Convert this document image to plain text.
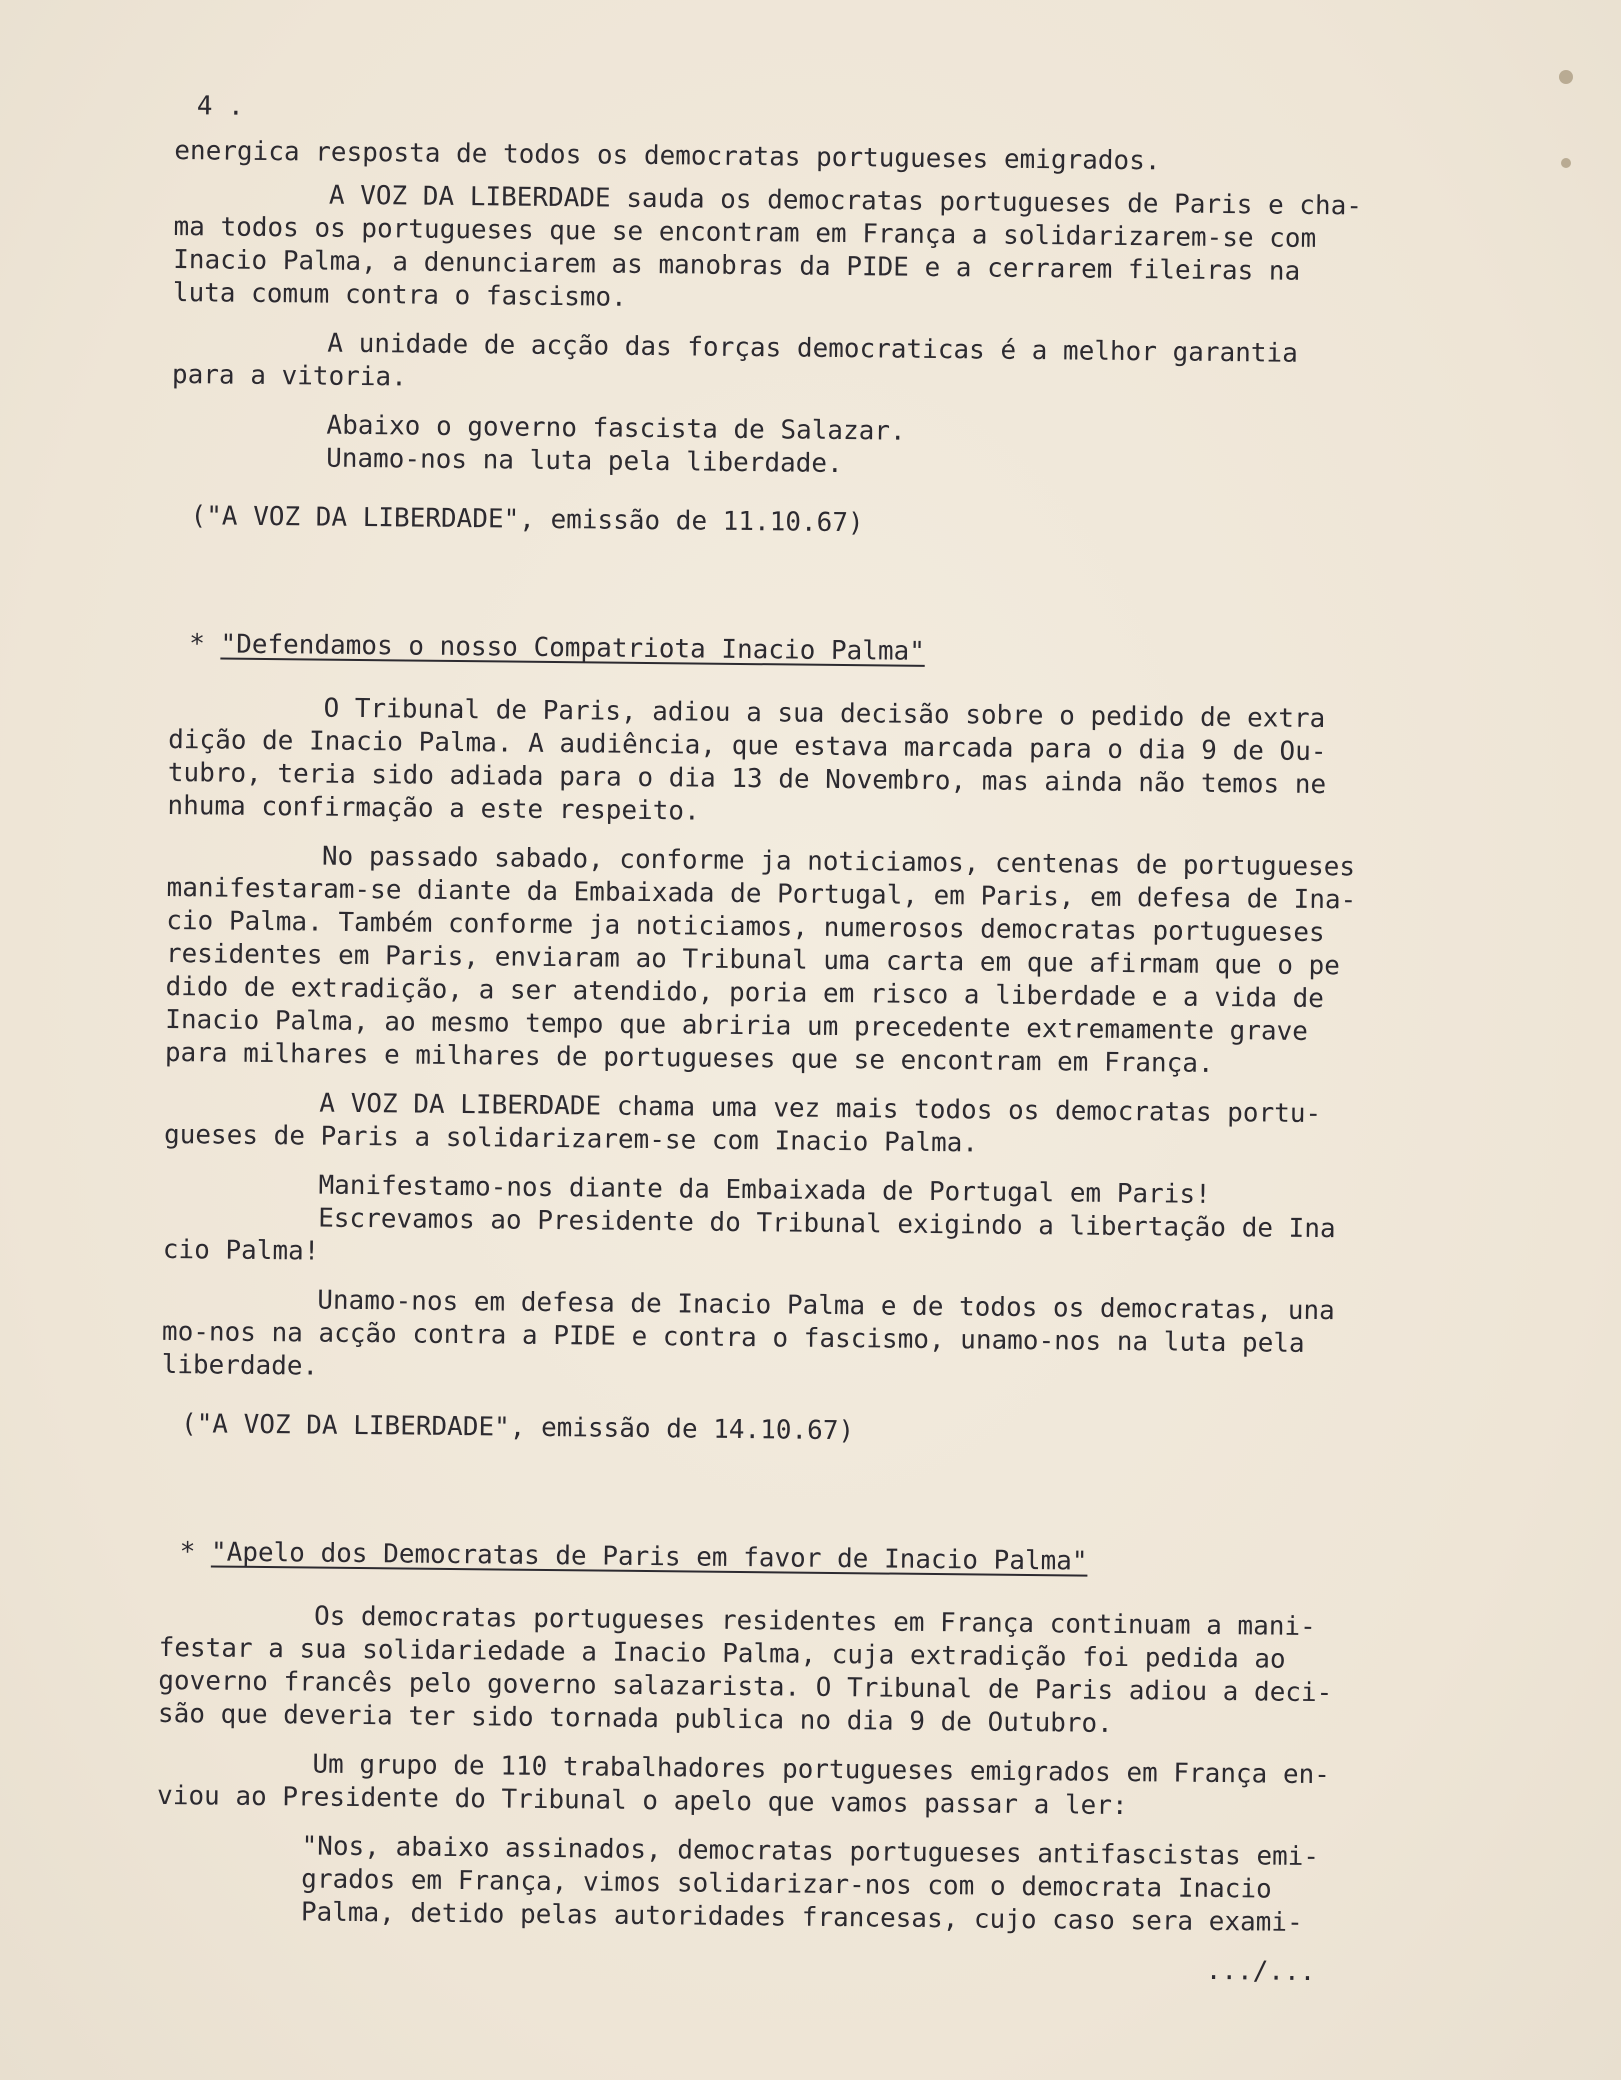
4 .

energica resposta de todos os democratas portugueses emigrados.

A VOZ DA LIBERDADE sauda os democratas portugueses de Paris e cha-

ma todos os portugueses que se encontram em França a solidarizarem-se com

Inacio Palma, a denunciarem as manobras da PIDE e a cerrarem fileiras na

luta comum contra o fascismo.

A unidade de acção das forças democraticas é a melhor garantia

para a vitoria.

Abaixo o governo fascista de Salazar.

Unamo-nos na luta pela liberdade.

("A VOZ DA LIBERDADE", emissão de 11.10.67)

* "Defendamos o nosso Compatriota Inacio Palma"

O Tribunal de Paris, adiou a sua decisão sobre o pedido de extra

dição de Inacio Palma. A audiência, que estava marcada para o dia 9 de Ou-

tubro, teria sido adiada para o dia 13 de Novembro, mas ainda não temos ne

nhuma confirmação a este respeito.

No passado sabado, conforme ja noticiamos, centenas de portugueses

manifestaram-se diante da Embaixada de Portugal, em Paris, em defesa de Ina-

cio Palma. Também conforme ja noticiamos, numerosos democratas portugueses

residentes em Paris, enviaram ao Tribunal uma carta em que afirmam que o pe

dido de extradição, a ser atendido, poria em risco a liberdade e a vida de

Inacio Palma, ao mesmo tempo que abriria um precedente extremamente grave

para milhares e milhares de portugueses que se encontram em França.

A VOZ DA LIBERDADE chama uma vez mais todos os democratas portu-

gueses de Paris a solidarizarem-se com Inacio Palma.

Manifestamo-nos diante da Embaixada de Portugal em Paris!

Escrevamos ao Presidente do Tribunal exigindo a libertação de Ina

cio Palma!

Unamo-nos em defesa de Inacio Palma e de todos os democratas, una

mo-nos na acção contra a PIDE e contra o fascismo, unamo-nos na luta pela

liberdade.

("A VOZ DA LIBERDADE", emissão de 14.10.67)

* "Apelo dos Democratas de Paris em favor de Inacio Palma"

Os democratas portugueses residentes em França continuam a mani-

festar a sua solidariedade a Inacio Palma, cuja extradição foi pedida ao

governo francês pelo governo salazarista. O Tribunal de Paris adiou a deci-

são que deveria ter sido tornada publica no dia 9 de Outubro.

Um grupo de 110 trabalhadores portugueses emigrados em França en-

viou ao Presidente do Tribunal o apelo que vamos passar a ler:

"Nos, abaixo assinados, democratas portugueses antifascistas emi-

grados em França, vimos solidarizar-nos com o democrata Inacio

Palma, detido pelas autoridades francesas, cujo caso sera exami-

.../...
